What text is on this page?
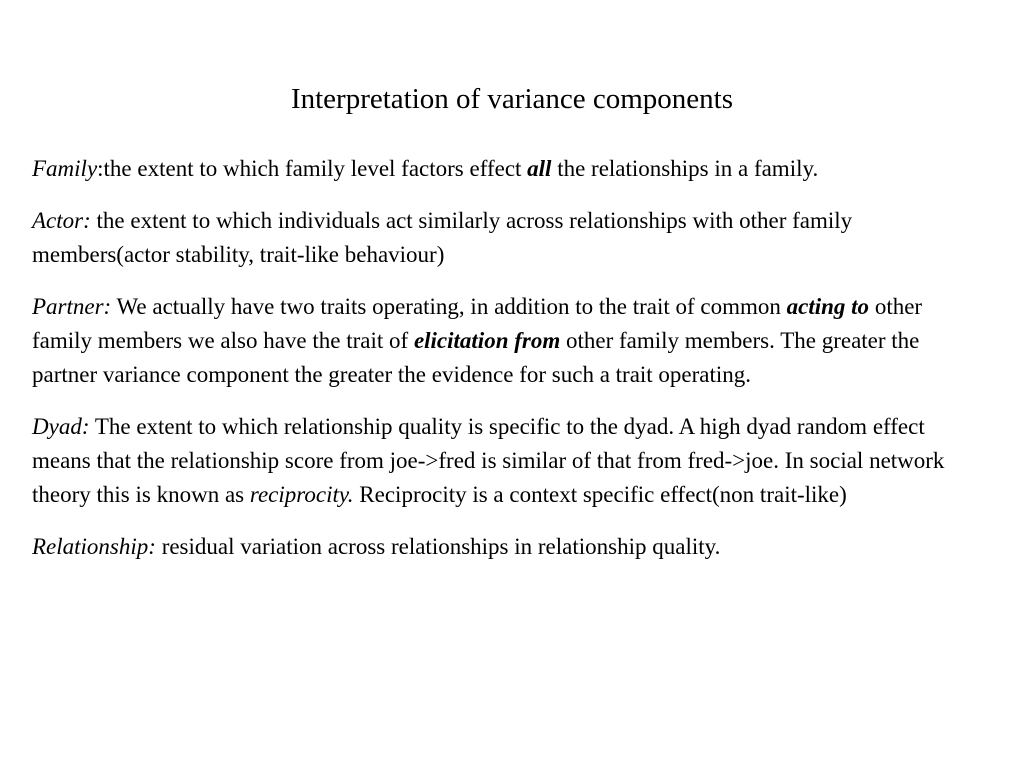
Interpretation of variance components

Family:the extent to which family level factors effect all the relationships in a family.

Actor: the extent to which individuals act similarly across relationships with other family members(actor stability, trait-like behaviour)

Partner: We actually have two traits operating, in addition to the trait of common acting to other family members we also have the trait of elicitation from other family members. The greater the partner variance component the greater the evidence for such a trait operating.

Dyad: The extent to which relationship quality is specific to the dyad. A high dyad random effect means that the relationship score from joe->fred is similar of that from fred->joe. In social network theory this is known as reciprocity. Reciprocity is a context specific effect(non trait-like)

Relationship: residual variation across relationships in relationship quality.
